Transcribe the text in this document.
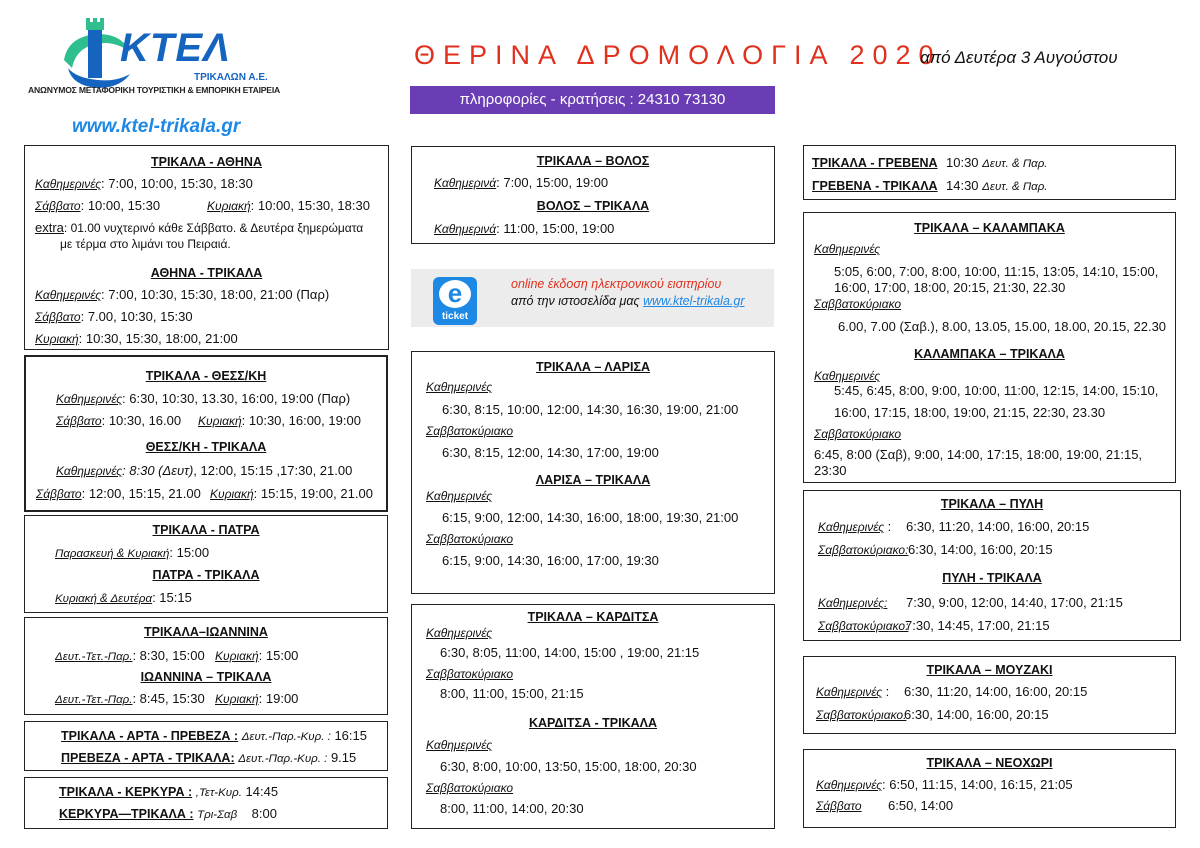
ΚΤΕΛ
ΤΡΙΚΑΛΩΝ Α.Ε.
ΑΝΩΝΥΜΟΣ ΜΕΤΑΦΟΡΙΚΗ ΤΟΥΡΙΣΤΙΚΗ & ΕΜΠΟΡΙΚΗ ΕΤΑΙΡΕΙΑ
www.ktel-trikala.gr
ΘΕΡΙΝΑ ΔΡΟΜΟΛΟΓΙΑ 2020
από Δευτέρα 3 Αυγούστου
πληροφορίες - κρατήσεις : 24310 73130
ΤΡΙΚΑΛΑ - ΑΘΗΝΑ
Καθημερινές: 7:00, 10:00, 15:30, 18:30
Σάββατο: 10:00, 15:30	Κυριακή: 10:00, 15:30, 18:30
extra: 01.00 νυχτερινό κάθε Σάββατο. & Δευτέρα ξημερώματα
με τέρμα στο λιμάνι του Πειραιά.
ΑΘΗΝΑ - ΤΡΙΚΑΛΑ
Καθημερινές: 7:00, 10:30, 15:30, 18:00, 21:00 (Παρ)
Σάββατο: 7.00, 10:30, 15:30
Κυριακή: 10:30, 15:30, 18:00, 21:00
ΤΡΙΚΑΛΑ - ΘΕΣΣ/ΚΗ
Καθημερινές: 6:30, 10:30, 13.30, 16:00, 19:00 (Παρ)
Σάββατο: 10:30, 16.00 Κυριακή: 10:30, 16:00, 19:00
ΘΕΣΣ/ΚΗ - ΤΡΙΚΑΛΑ
Καθημερινές: 8:30 (Δευτ), 12:00, 15:15 ,17:30, 21.00
Σάββατο: 12:00, 15:15, 21.00 Κυριακή: 15:15, 19:00, 21.00
ΤΡΙΚΑΛΑ - ΠΑΤΡΑ
Παρασκευή & Κυριακή: 15:00
ΠΑΤΡΑ - ΤΡΙΚΑΛΑ
Κυριακή & Δευτέρα: 15:15
ΤΡΙΚΑΛΑ–ΙΩΑΝΝΙΝΑ
Δευτ.-Τετ.-Παρ.: 8:30, 15:00 Κυριακή: 15:00
ΙΩΑΝΝΙΝΑ – ΤΡΙΚΑΛΑ
Δευτ.-Τετ.-Παρ.: 8:45, 15:30 Κυριακή: 19:00
ΤΡΙΚΑΛΑ - ΑΡΤΑ - ΠΡΕΒΕΖΑ : Δευτ.-Παρ.-Κυρ. : 16:15
ΠΡΕΒΕΖΑ - ΑΡΤΑ - ΤΡΙΚΑΛΑ: Δευτ.-Παρ.-Κυρ. : 9.15
ΤΡΙΚΑΛΑ - ΚΕΡΚΥΡΑ : ,Τετ-Κυρ. 14:45
ΚΕΡΚΥΡΑ—ΤΡΙΚΑΛΑ : Τρι-Σαβ 8:00
ΤΡΙΚΑΛΑ – ΒΟΛΟΣ
Καθημερινά: 7:00, 15:00, 19:00
ΒΟΛΟΣ – ΤΡΙΚΑΛΑ
Καθημερινά: 11:00, 15:00, 19:00
e
ticket
online έκδοση ηλεκτρονικού εισιτηρίου
από την ιστοσελίδα μας www.ktel-trikala.gr
ΤΡΙΚΑΛΑ – ΛΑΡΙΣΑ
Καθημερινές
6:30, 8:15, 10:00, 12:00, 14:30, 16:30, 19:00, 21:00
Σαββατοκύριακο
6:30, 8:15, 12:00, 14:30, 17:00, 19:00
ΛΑΡΙΣΑ – ΤΡΙΚΑΛΑ
Καθημερινές
6:15, 9:00, 12:00, 14:30, 16:00, 18:00, 19:30, 21:00
Σαββατοκύριακο
6:15, 9:00, 14:30, 16:00, 17:00, 19:30
ΤΡΙΚΑΛΑ – ΚΑΡΔΙΤΣΑ
Καθημερινές
6:30, 8:05, 11:00, 14:00, 15:00 , 19:00, 21:15
Σαββατοκύριακο
8:00, 11:00, 15:00, 21:15
ΚΑΡΔΙΤΣΑ - ΤΡΙΚΑΛΑ
Καθημερινές
6:30, 8:00, 10:00, 13:50, 15:00, 18:00, 20:30
Σαββατοκύριακο
8:00, 11:00, 14:00, 20:30
ΤΡΙΚΑΛΑ - ΓΡΕΒΕΝΑ 10:30 Δευτ. & Παρ.
ΓΡΕΒΕΝΑ - ΤΡΙΚΑΛΑ 14:30 Δευτ. & Παρ.
ΤΡΙΚΑΛΑ – ΚΑΛΑΜΠΑΚΑ
Καθημερινές
5:05, 6:00, 7:00, 8:00, 10:00, 11:15, 13:05, 14:10, 15:00,
16:00, 17:00, 18:00, 20:15, 21:30, 22.30
Σαββατοκύριακο
6.00, 7.00 (Σαβ.), 8.00, 13.05, 15.00, 18.00, 20.15, 22.30
ΚΑΛΑΜΠΑΚΑ – ΤΡΙΚΑΛΑ
Καθημερινές
5:45, 6:45, 8:00, 9:00, 10:00, 11:00, 12:15, 14:00, 15:10,
16:00, 17:15, 18:00, 19:00, 21:15, 22:30, 23.30
Σαββατοκύριακο
6:45, 8:00 (Σαβ), 9:00, 14:00, 17:15, 18:00, 19:00, 21:15,
23:30
ΤΡΙΚΑΛΑ – ΠΥΛΗ
Καθημερινές : 6:30, 11:20, 14:00, 16:00, 20:15
Σαββατοκύριακο: 6:30, 14:00, 16:00, 20:15
ΠΥΛΗ - ΤΡΙΚΑΛΑ
Καθημερινές: 7:30, 9:00, 12:00, 14:40, 17:00, 21:15
Σαββατοκύριακο:
7:30, 14:45, 17:00, 21:15
ΤΡΙΚΑΛΑ – ΜΟΥΖΑΚΙ
Καθημερινές : 6:30, 11:20, 14:00, 16:00, 20:15
Σαββατοκύριακο:
6:30, 14:00, 16:00, 20:15
ΤΡΙΚΑΛΑ – ΝΕΟΧΩΡΙ
Καθημερινές: 6:50, 11:15, 14:00, 16:15, 21:05
Σάββατο 6:50, 14:00
